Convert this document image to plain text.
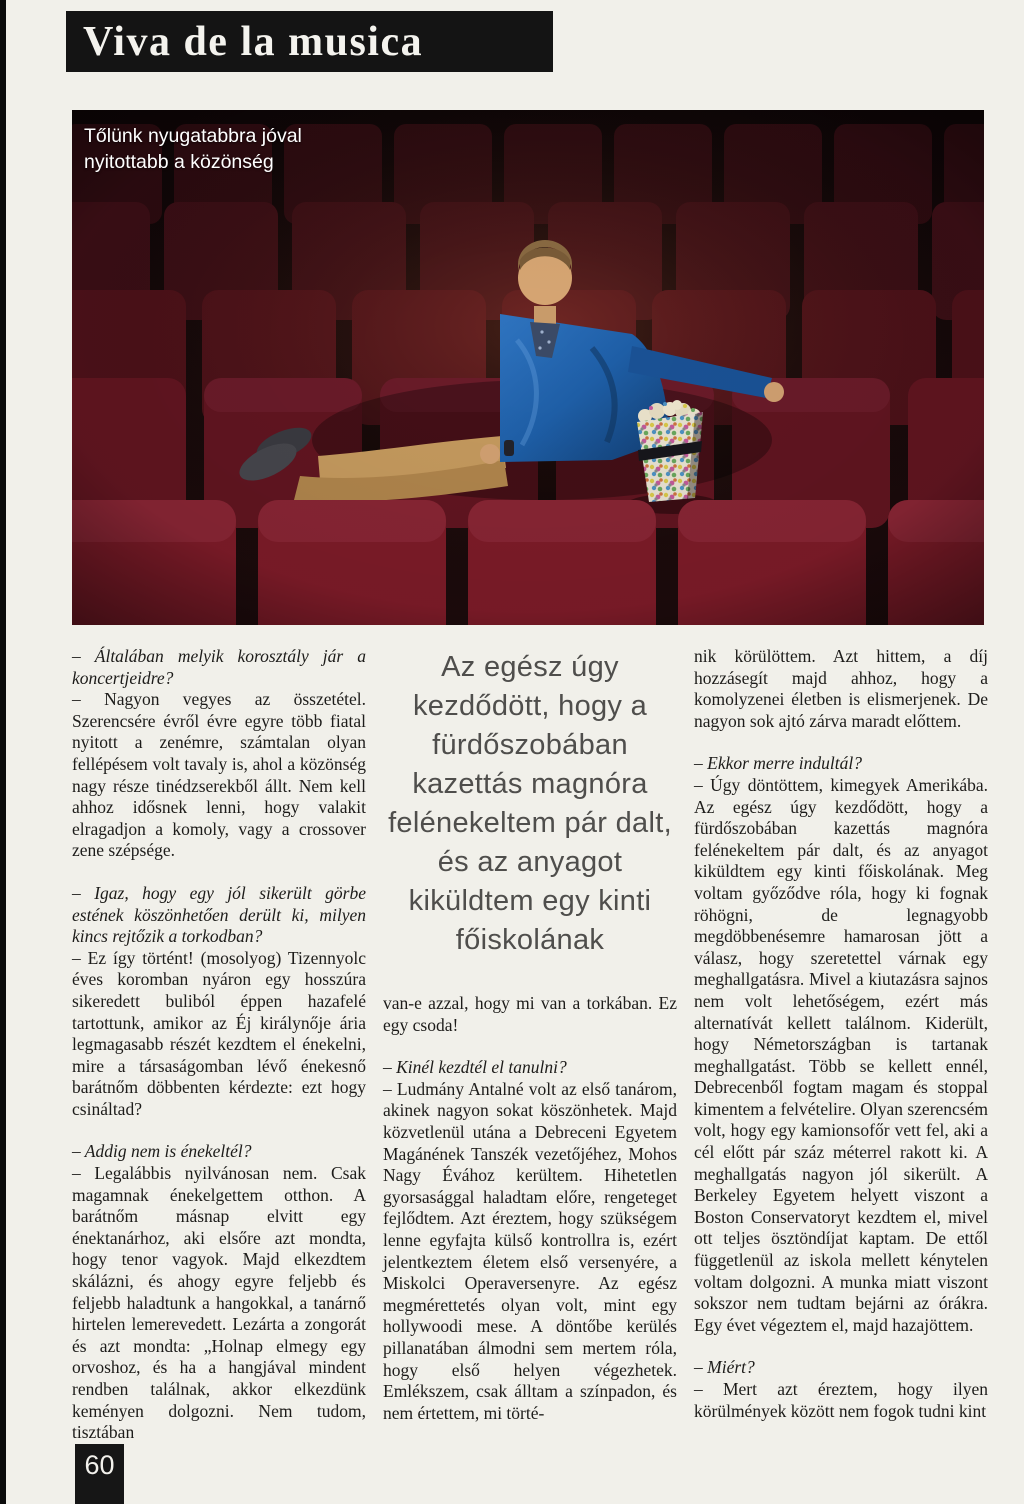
Viva de la musica
Tőlünk nyugatabbra jóval
nyitottabb a közönség

– Általában melyik korosztály jár a koncertjeidre?

– Nagyon vegyes az összetétel. Szerencsére évről évre egyre több fiatal nyitott a zenémre, számtalan olyan fellépésem volt tavaly is, ahol a közönség nagy része tinédzserekből állt. Nem kell ahhoz idősnek lenni, hogy valakit elragadjon a komoly, vagy a crossover zene szépsége.

– Igaz, hogy egy jól sikerült görbe estének köszönhetően derült ki, milyen kincs rejtőzik a torkodban?

– Ez így történt! (mosolyog) Tizennyolc éves koromban nyáron egy hosszúra sikeredett buliból éppen hazafelé tartottunk, amikor az Éj királynője ária legmagasabb részét kezdtem el énekelni, mire a társaságomban lévő énekesnő barátnőm döbbenten kérdezte: ezt hogy csináltad?

– Addig nem is énekeltél?

– Legalábbis nyilvánosan nem. Csak magamnak énekelgettem otthon. A barátnőm másnap elvitt egy énektanárhoz, aki elsőre azt mondta, hogy tenor vagyok. Majd elkezdtem skálázni, és ahogy egyre feljebb és feljebb haladtunk a hangokkal, a tanárnő hirtelen lemerevedett. Lezárta a zongorát és azt mondta: „Holnap elmegy egy orvoshoz, és ha a hangjával mindent rendben találnak, akkor elkezdünk keményen dolgozni. Nem tudom, tisztában

Az egész úgy kezdődött, hogy a fürdőszobában kazettás magnóra felénekeltem pár dalt, és az anyagot kiküldtem egy kinti főiskolának

van-e azzal, hogy mi van a torkában. Ez egy csoda!

– Kinél kezdtél el tanulni?

– Ludmány Antalné volt az első tanárom, akinek nagyon sokat köszönhetek. Majd közvetlenül utána a Debreceni Egyetem Magánének Tanszék vezetőjéhez, Mohos Nagy Évához kerültem. Hihetetlen gyorsasággal haladtam előre, rengeteget fejlődtem. Azt éreztem, hogy szükségem lenne egyfajta külső kontrollra is, ezért jelentkeztem életem első versenyére, a Miskolci Operaversenyre. Az egész megmérettetés olyan volt, mint egy hollywoodi mese. A döntőbe kerülés pillanatában álmodni sem mertem róla, hogy első helyen végezhetek. Emlékszem, csak álltam a színpadon, és nem értettem, mi törté-

nik körülöttem. Azt hittem, a díj hozzásegít majd ahhoz, hogy a komolyzenei életben is elismerjenek. De nagyon sok ajtó zárva maradt előttem.

– Ekkor merre indultál?

– Úgy döntöttem, kimegyek Amerikába. Az egész úgy kezdődött, hogy a fürdőszobában kazettás magnóra felénekeltem pár dalt, és az anyagot kiküldtem egy kinti főiskolának. Meg voltam győződve róla, hogy ki fognak röhögni, de legnagyobb megdöbbenésemre hamarosan jött a válasz, hogy szeretettel várnak egy meghallgatásra. Mivel a kiutazásra sajnos nem volt lehetőségem, ezért más alternatívát kellett találnom. Kiderült, hogy Németországban is tartanak meghallgatást. Több se kellett ennél, Debrecenből fogtam magam és stoppal kimentem a felvételire. Olyan szerencsém volt, hogy egy kamionsofőr vett fel, aki a cél előtt pár száz méterrel rakott ki. A meghallgatás nagyon jól sikerült. A Berkeley Egyetem helyett viszont a Boston Conservatoryt kezdtem el, mivel ott teljes ösztöndíjat kaptam. De ettől függetlenül az iskola mellett kénytelen voltam dolgozni. A munka miatt viszont sokszor nem tudtam bejárni az órákra. Egy évet végeztem el, majd hazajöttem.

– Miért?

– Mert azt éreztem, hogy ilyen körülmények között nem fogok tudni kint

60
